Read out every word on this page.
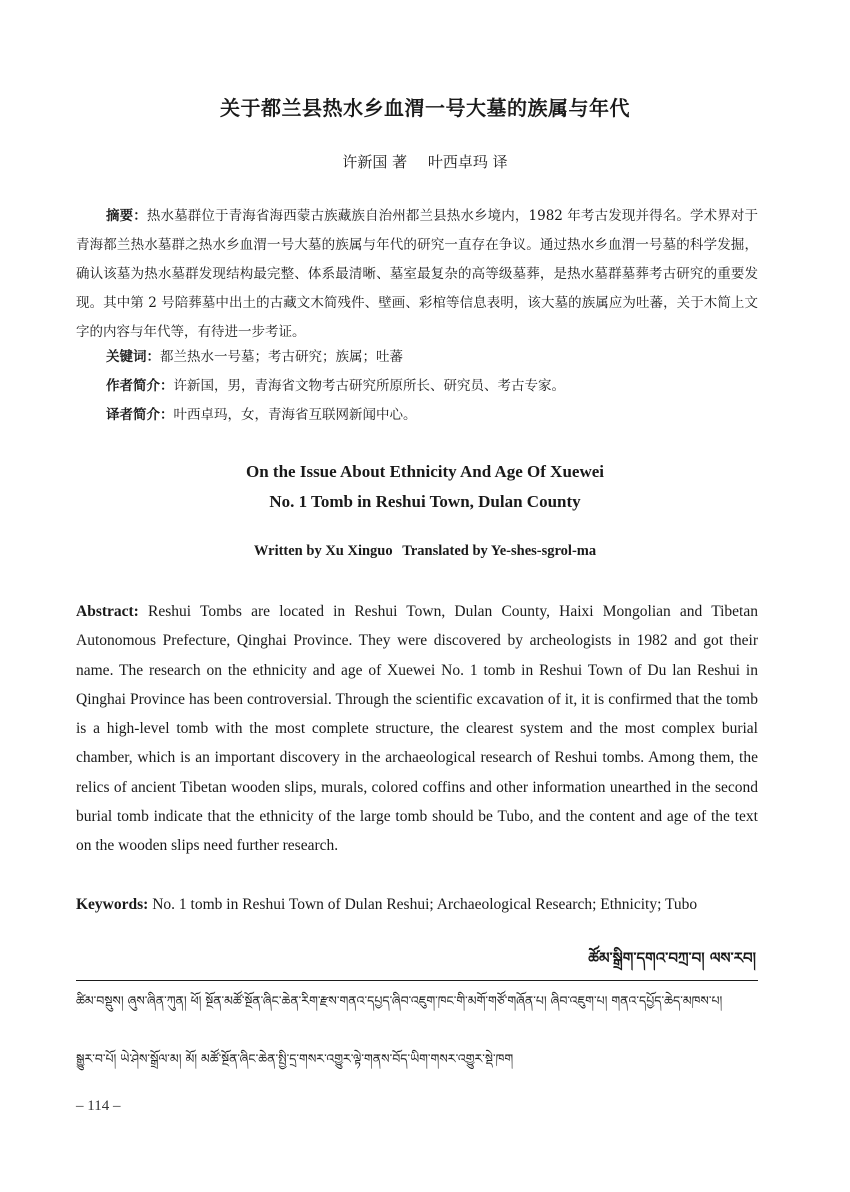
关于都兰县热水乡血渭一号大墓的族属与年代
许新国 著 叶西卓玛 译
摘要：热水墓群位于青海省海西蒙古族藏族自治州都兰县热水乡境内，1982 年考古发现并得名。学术界对于青海都兰热水墓群之热水乡血渭一号大墓的族属与年代的研究一直存在争议。通过热水乡血渭一号墓的科学发掘，确认该墓为热水墓群发现结构最完整、体系最清晰、墓室最复杂的高等级墓葬，是热水墓群墓葬考古研究的重要发现。其中第 2 号陪葬墓中出土的古藏文木简残件、壁画、彩棺等信息表明，该大墓的族属应为吐蕃，关于木简上文字的内容与年代等，有待进一步考证。
关键词：都兰热水一号墓；考古研究；族属；吐蕃
作者简介：许新国，男，青海省文物考古研究所原所长、研究员、考古专家。
译者简介：叶西卓玛，女，青海省互联网新闻中心。
On the Issue About Ethnicity And Age Of Xuewei
No. 1 Tomb in Reshui Town, Dulan County
Written by Xu Xinguo Translated by Ye-shes-sgrol-ma
Abstract: Reshui Tombs are located in Reshui Town, Dulan County, Haixi Mongolian and Tibetan Autonomous Prefecture, Qinghai Province. They were discovered by archeologists in 1982 and got their name. The research on the ethnicity and age of Xuewei No. 1 tomb in Reshui Town of Du lan Reshui in Qinghai Province has been controversial. Through the scientific excavation of it, it is confirmed that the tomb is a high-level tomb with the most complete structure, the clearest system and the most complex burial chamber, which is an important discovery in the archaeological research of Reshui tombs. Among them, the relics of ancient Tibetan wooden slips, murals, colored coffins and other information unearthed in the second burial tomb indicate that the ethnicity of the large tomb should be Tubo, and the content and age of the text on the wooden slips need further research.
Keywords: No. 1 tomb in Reshui Town of Dulan Reshui; Archaeological Research; Ethnicity; Tubo
ཚོམ་སྒྲིག་དགའ་བཀྲ་བ། ལས་རབ།
ཚིམ་བསྡུས། ཞུས་ཞིན་ཀུན། ཕོ། སྔོན་མཚོ་སྔོན་ཞིང་ཆེན་རིག་རྫས་གནའ་དཔྱད་ཞིབ་འཇུག་ཁང་གི་མགོ་གཙོ་གཞོན་པ། ཞིབ་འཇུག་པ། གནའ་དཔྱོད་ཆེད་མཁས་པ།
སྒྱུར་བ་པོ། ཡེ་ཤེས་སྒྲོལ་མ། མོ། མཚོ་སྔོན་ཞིང་ཆེན་སྤྱི་དྲ་གསར་འགྱུར་ལྟེ་གནས་བོད་ཡིག་གསར་འགྱུར་སྡེ་ཁག
– 114 –
